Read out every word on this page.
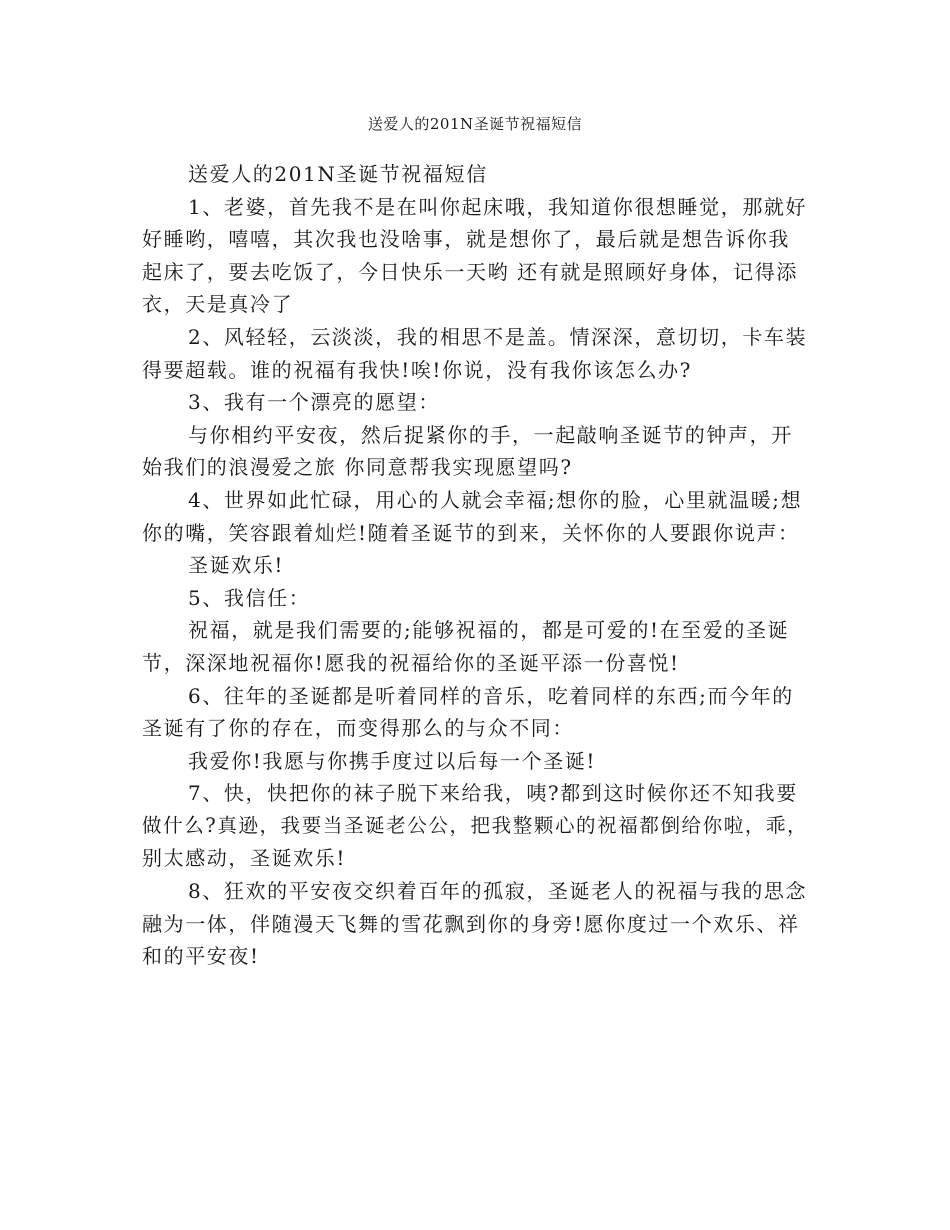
送爱人的201N圣诞节祝福短信

送爱人的201N圣诞节祝福短信

1、老婆，首先我不是在叫你起床哦，我知道你很想睡觉，那就好

好睡哟，嘻嘻，其次我也没啥事，就是想你了，最后就是想告诉你我

起床了，要去吃饭了，今日快乐一天哟 还有就是照顾好身体，记得添

衣，天是真冷了

2、风轻轻，云淡淡，我的相思不是盖。情深深，意切切，卡车装

得要超载。谁的祝福有我快!唉!你说，没有我你该怎么办?

3、我有一个漂亮的愿望：

与你相约平安夜，然后捉紧你的手，一起敲响圣诞节的钟声，开

始我们的浪漫爱之旅 你同意帮我实现愿望吗?

4、世界如此忙碌，用心的人就会幸福;想你的脸，心里就温暖;想

你的嘴，笑容跟着灿烂!随着圣诞节的到来，关怀你的人要跟你说声：

圣诞欢乐!

5、我信任：

祝福，就是我们需要的;能够祝福的，都是可爱的!在至爱的圣诞

节，深深地祝福你!愿我的祝福给你的圣诞平添一份喜悦!

6、往年的圣诞都是听着同样的音乐，吃着同样的东西;而今年的

圣诞有了你的存在，而变得那么的与众不同：

我爱你!我愿与你携手度过以后每一个圣诞!

7、快，快把你的袜子脱下来给我，咦?都到这时候你还不知我要

做什么?真逊，我要当圣诞老公公，把我整颗心的祝福都倒给你啦，乖，

别太感动，圣诞欢乐!

8、狂欢的平安夜交织着百年的孤寂，圣诞老人的祝福与我的思念

融为一体，伴随漫天飞舞的雪花飘到你的身旁!愿你度过一个欢乐、祥

和的平安夜!
